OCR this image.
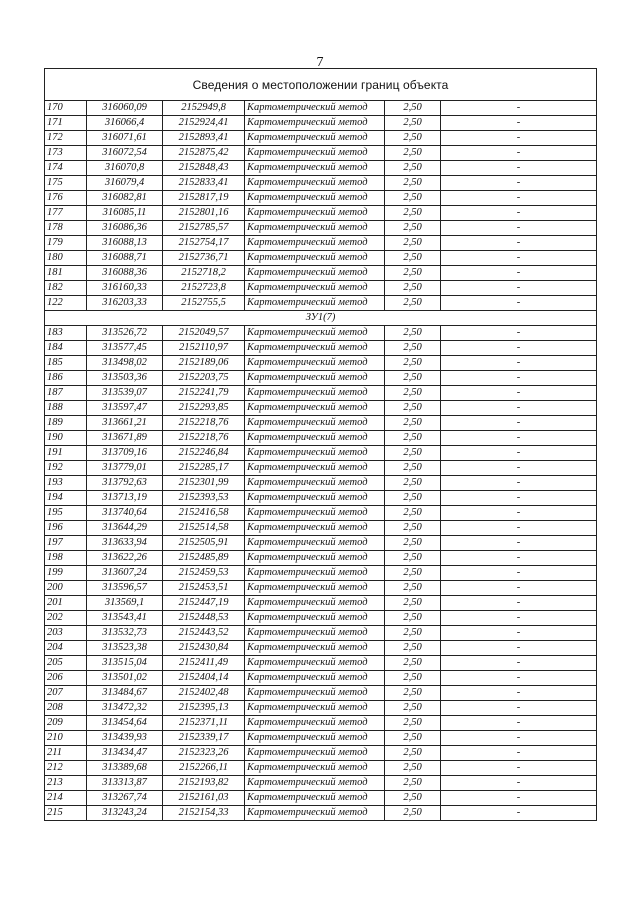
7
Сведения о местоположении границ объекта					
170	316060,09	2152949,8	Картометрический метод	2,50	-
171	316066,4	2152924,41	Картометрический метод	2,50	-
172	316071,61	2152893,41	Картометрический метод	2,50	-
173	316072,54	2152875,42	Картометрический метод	2,50	-
174	316070,8	2152848,43	Картометрический метод	2,50	-
175	316079,4	2152833,41	Картометрический метод	2,50	-
176	316082,81	2152817,19	Картометрический метод	2,50	-
177	316085,11	2152801,16	Картометрический метод	2,50	-
178	316086,36	2152785,57	Картометрический метод	2,50	-
179	316088,13	2152754,17	Картометрический метод	2,50	-
180	316088,71	2152736,71	Картометрический метод	2,50	-
181	316088,36	2152718,2	Картометрический метод	2,50	-
182	316160,33	2152723,8	Картометрический метод	2,50	-
122	316203,33	2152755,5	Картометрический метод	2,50	-
ЗУ1(7)					
183	313526,72	2152049,57	Картометрический метод	2,50	-
184	313577,45	2152110,97	Картометрический метод	2,50	-
185	313498,02	2152189,06	Картометрический метод	2,50	-
186	313503,36	2152203,75	Картометрический метод	2,50	-
187	313539,07	2152241,79	Картометрический метод	2,50	-
188	313597,47	2152293,85	Картометрический метод	2,50	-
189	313661,21	2152218,76	Картометрический метод	2,50	-
190	313671,89	2152218,76	Картометрический метод	2,50	-
191	313709,16	2152246,84	Картометрический метод	2,50	-
192	313779,01	2152285,17	Картометрический метод	2,50	-
193	313792,63	2152301,99	Картометрический метод	2,50	-
194	313713,19	2152393,53	Картометрический метод	2,50	-
195	313740,64	2152416,58	Картометрический метод	2,50	-
196	313644,29	2152514,58	Картометрический метод	2,50	-
197	313633,94	2152505,91	Картометрический метод	2,50	-
198	313622,26	2152485,89	Картометрический метод	2,50	-
199	313607,24	2152459,53	Картометрический метод	2,50	-
200	313596,57	2152453,51	Картометрический метод	2,50	-
201	313569,1	2152447,19	Картометрический метод	2,50	-
202	313543,41	2152448,53	Картометрический метод	2,50	-
203	313532,73	2152443,52	Картометрический метод	2,50	-
204	313523,38	2152430,84	Картометрический метод	2,50	-
205	313515,04	2152411,49	Картометрический метод	2,50	-
206	313501,02	2152404,14	Картометрический метод	2,50	-
207	313484,67	2152402,48	Картометрический метод	2,50	-
208	313472,32	2152395,13	Картометрический метод	2,50	-
209	313454,64	2152371,11	Картометрический метод	2,50	-
210	313439,93	2152339,17	Картометрический метод	2,50	-
211	313434,47	2152323,26	Картометрический метод	2,50	-
212	313389,68	2152266,11	Картометрический метод	2,50	-
213	313313,87	2152193,82	Картометрический метод	2,50	-
214	313267,74	2152161,03	Картометрический метод	2,50	-
215	313243,24	2152154,33	Картометрический метод	2,50	-
